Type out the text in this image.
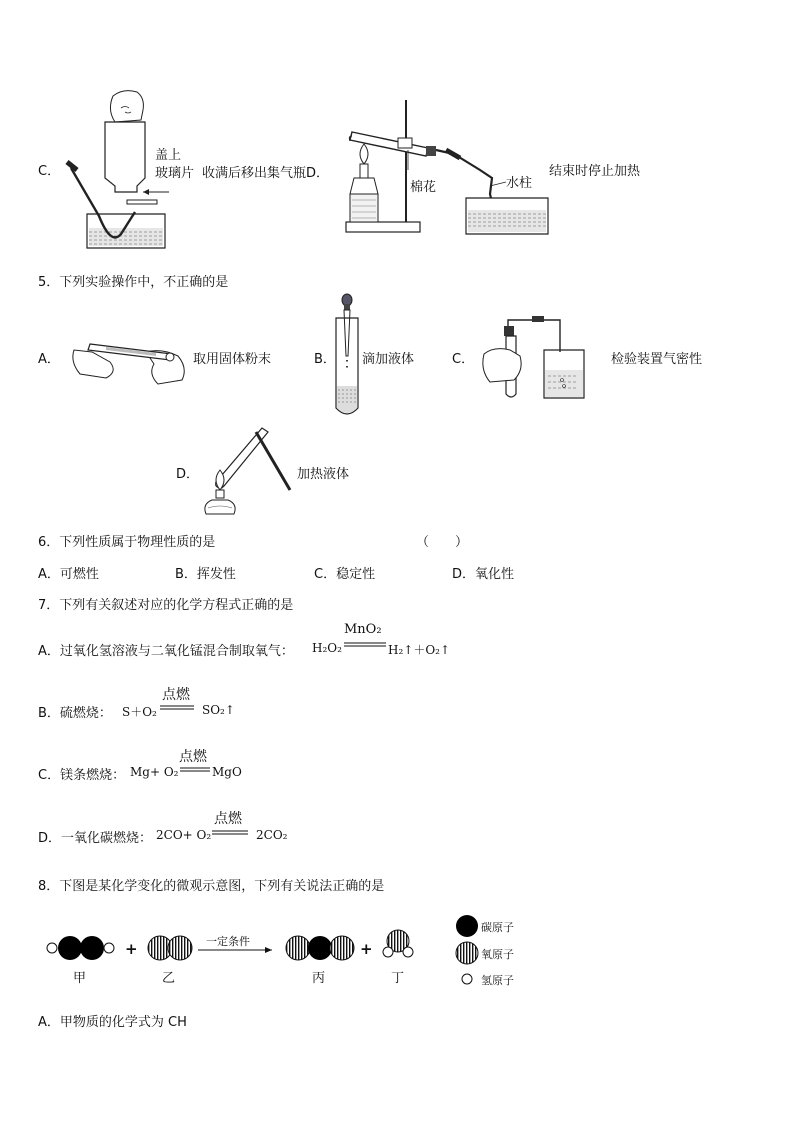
C．
盖上
玻璃片 收满后移出集气瓶D．
棉花	水柱
结束时停止加热
5．下列实验操作中，不正确的是
A．	取用固体粉末	B． 滴加液体	C．	检验装置气密性
D．	加热液体
6．下列性质属于物理性质的是	（　　）
A．可燃性	B．挥发性	C．稳定性	D．氧化性
7．下列有关叙述对应的化学方程式正确的是
A．过氧化氢溶液与二氧化锰混合制取氧气： H₂O₂
MnO₂
H₂↑＋O₂↑
B．硫燃烧： S＋O₂
点燃
SO₂↑
C．镁条燃烧： Mg+ O₂
点燃
MgO
D．一氧化碳燃烧： 2CO+ O₂
点燃
2CO₂
8．下图是某化学变化的微观示意图，下列有关说法正确的是
+	+
一定条件
甲	乙	丙	丁
碳原子
氧原子
氢原子
A．甲物质的化学式为 CH
